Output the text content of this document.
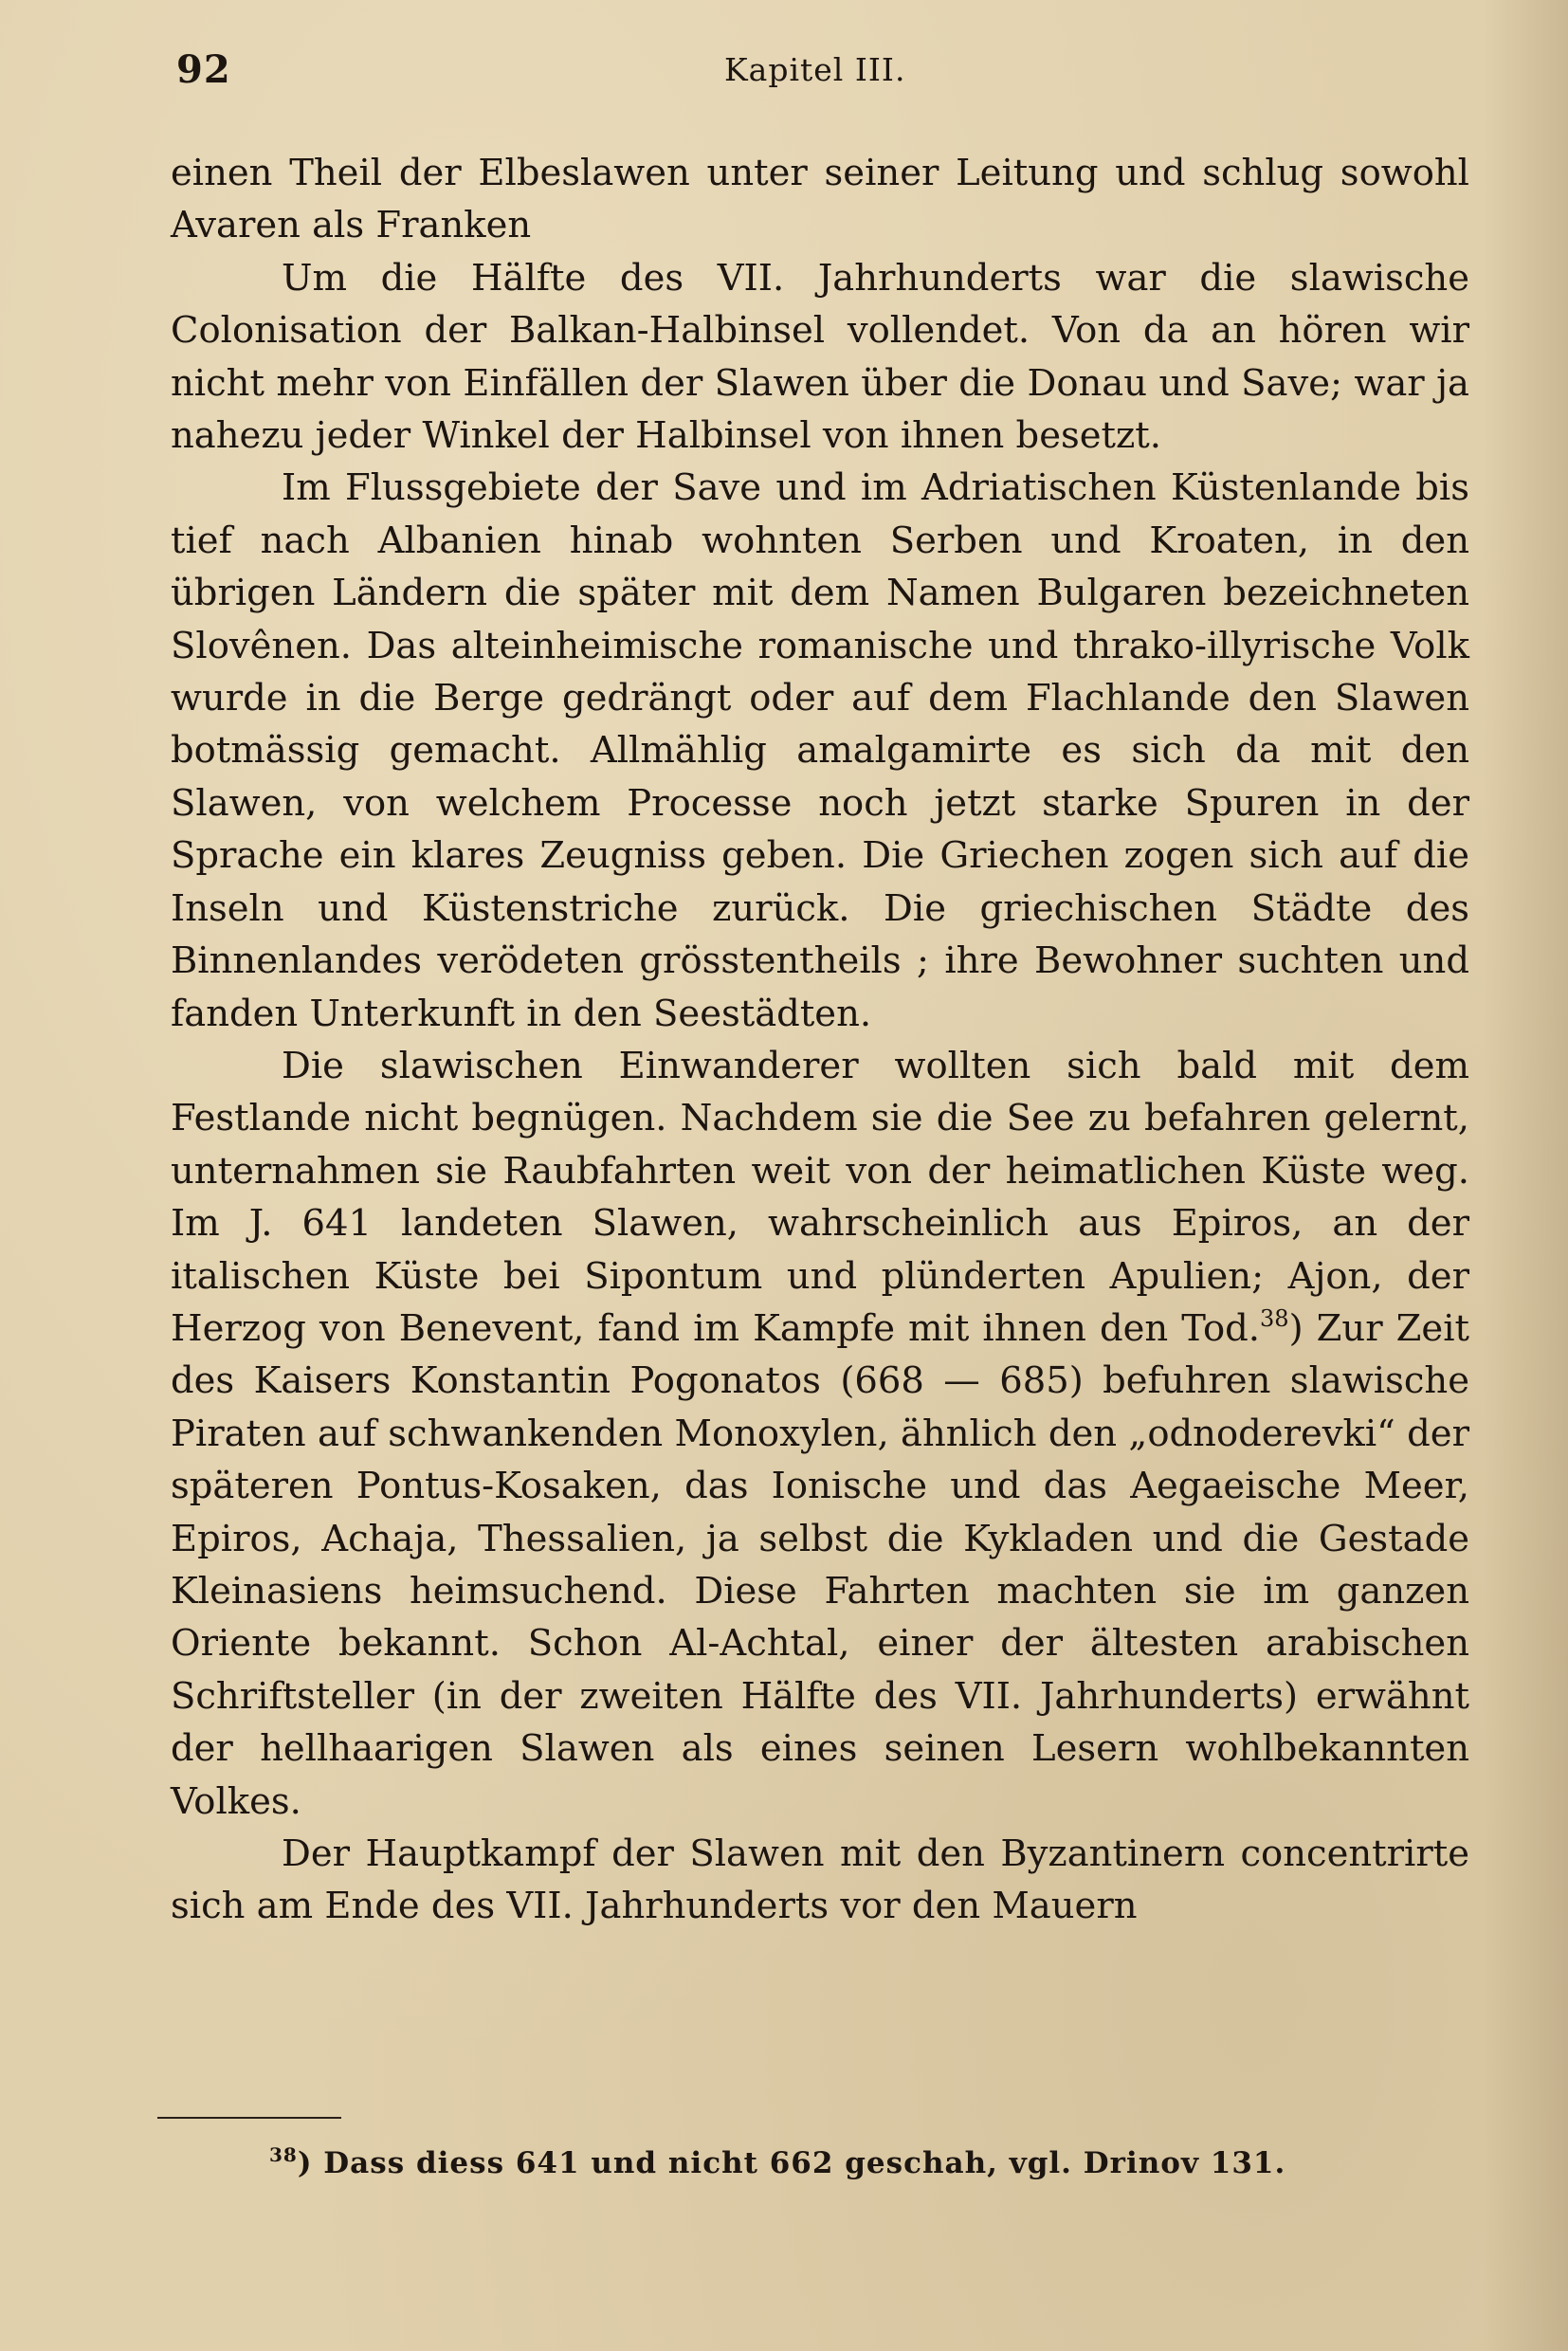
92	Kapitel III.

einen Theil der Elbeslawen unter seiner Leitung und schlug sowohl Avaren als Franken

Um die Hälfte des VII. Jahrhunderts war die slawische Colonisation der Balkan-Halbinsel vollendet. Von da an hören wir nicht mehr von Einfällen der Slawen über die Donau und Save; war ja nahezu jeder Winkel der Halbinsel von ihnen besetzt.

Im Flussgebiete der Save und im Adriatischen Küstenlande bis tief nach Albanien hinab wohnten Serben und Kroaten, in den übrigen Ländern die später mit dem Namen Bulgaren bezeichneten Slovênen. Das alteinheimische romanische und thrako-illyrische Volk wurde in die Berge gedrängt oder auf dem Flachlande den Slawen botmässig gemacht. Allmählig amalgamirte es sich da mit den Slawen, von welchem Processe noch jetzt starke Spuren in der Sprache ein klares Zeugniss geben. Die Griechen zogen sich auf die Inseln und Küstenstriche zurück. Die griechischen Städte des Binnenlandes verödeten grösstentheils ; ihre Bewohner suchten und fanden Unterkunft in den Seestädten.

Die slawischen Einwanderer wollten sich bald mit dem Festlande nicht begnügen. Nachdem sie die See zu befahren gelernt, unternahmen sie Raubfahrten weit von der heimatlichen Küste weg. Im J. 641 landeten Slawen, wahrscheinlich aus Epiros, an der italischen Küste bei Sipontum und plünderten Apulien; Ajon, der Herzog von Benevent, fand im Kampfe mit ihnen den Tod.$^{38}$) Zur Zeit des Kaisers Konstantin Pogonatos (668 — 685) befuhren slawische Piraten auf schwankenden Monoxylen, ähnlich den „odnoderevki“ der späteren Pontus-Kosaken, das Ionische und das Aegaeische Meer, Epiros, Achaja, Thessalien, ja selbst die Kykladen und die Gestade Kleinasiens heimsuchend. Diese Fahrten machten sie im ganzen Oriente bekannt. Schon Al-Achtal, einer der ältesten arabischen Schriftsteller (in der zweiten Hälfte des VII. Jahrhunderts) erwähnt der hellhaarigen Slawen als eines seinen Lesern wohlbekannten Volkes.

Der Hauptkampf der Slawen mit den Byzantinern concentrirte sich am Ende des VII. Jahrhunderts vor den Mauern

$^{38}$) Dass diess 641 und nicht 662 geschah, vgl. Drinov 131.
